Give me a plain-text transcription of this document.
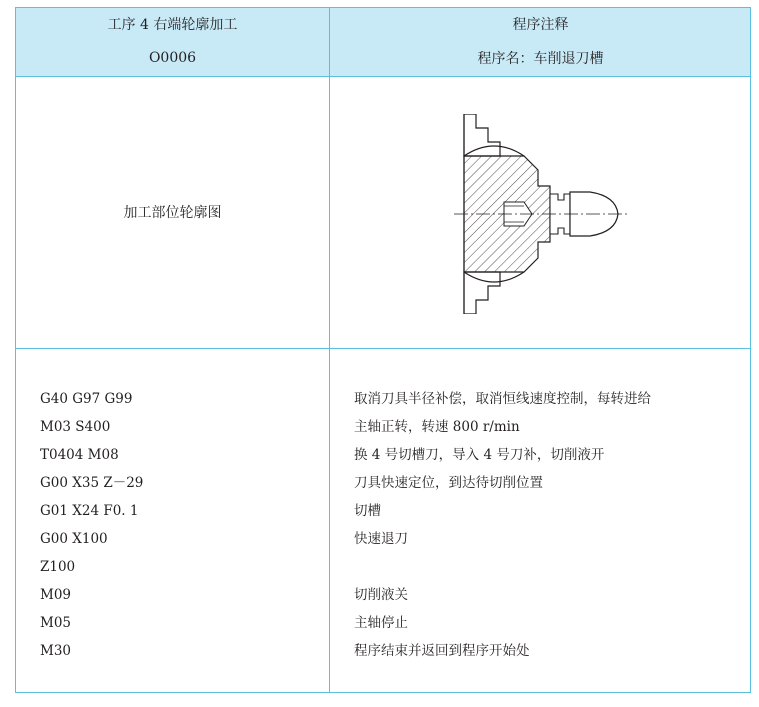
工序 4 右端轮廓加工	程序注释
O0006	程序名：车削退刀槽
加工部位轮廓图
G40 G97 G99
M03 S400
T0404 M08
G00 X35 Z－29
G01 X24 F0. 1
G00 X100
Z100
M09
M05
M30
取消刀具半径补偿，取消恒线速度控制，每转进给
主轴正转，转速 800 r/min
换 4 号切槽刀，导入 4 号刀补，切削液开
刀具快速定位，到达待切削位置
切槽
快速退刀
切削液关
主轴停止
程序结束并返回到程序开始处
